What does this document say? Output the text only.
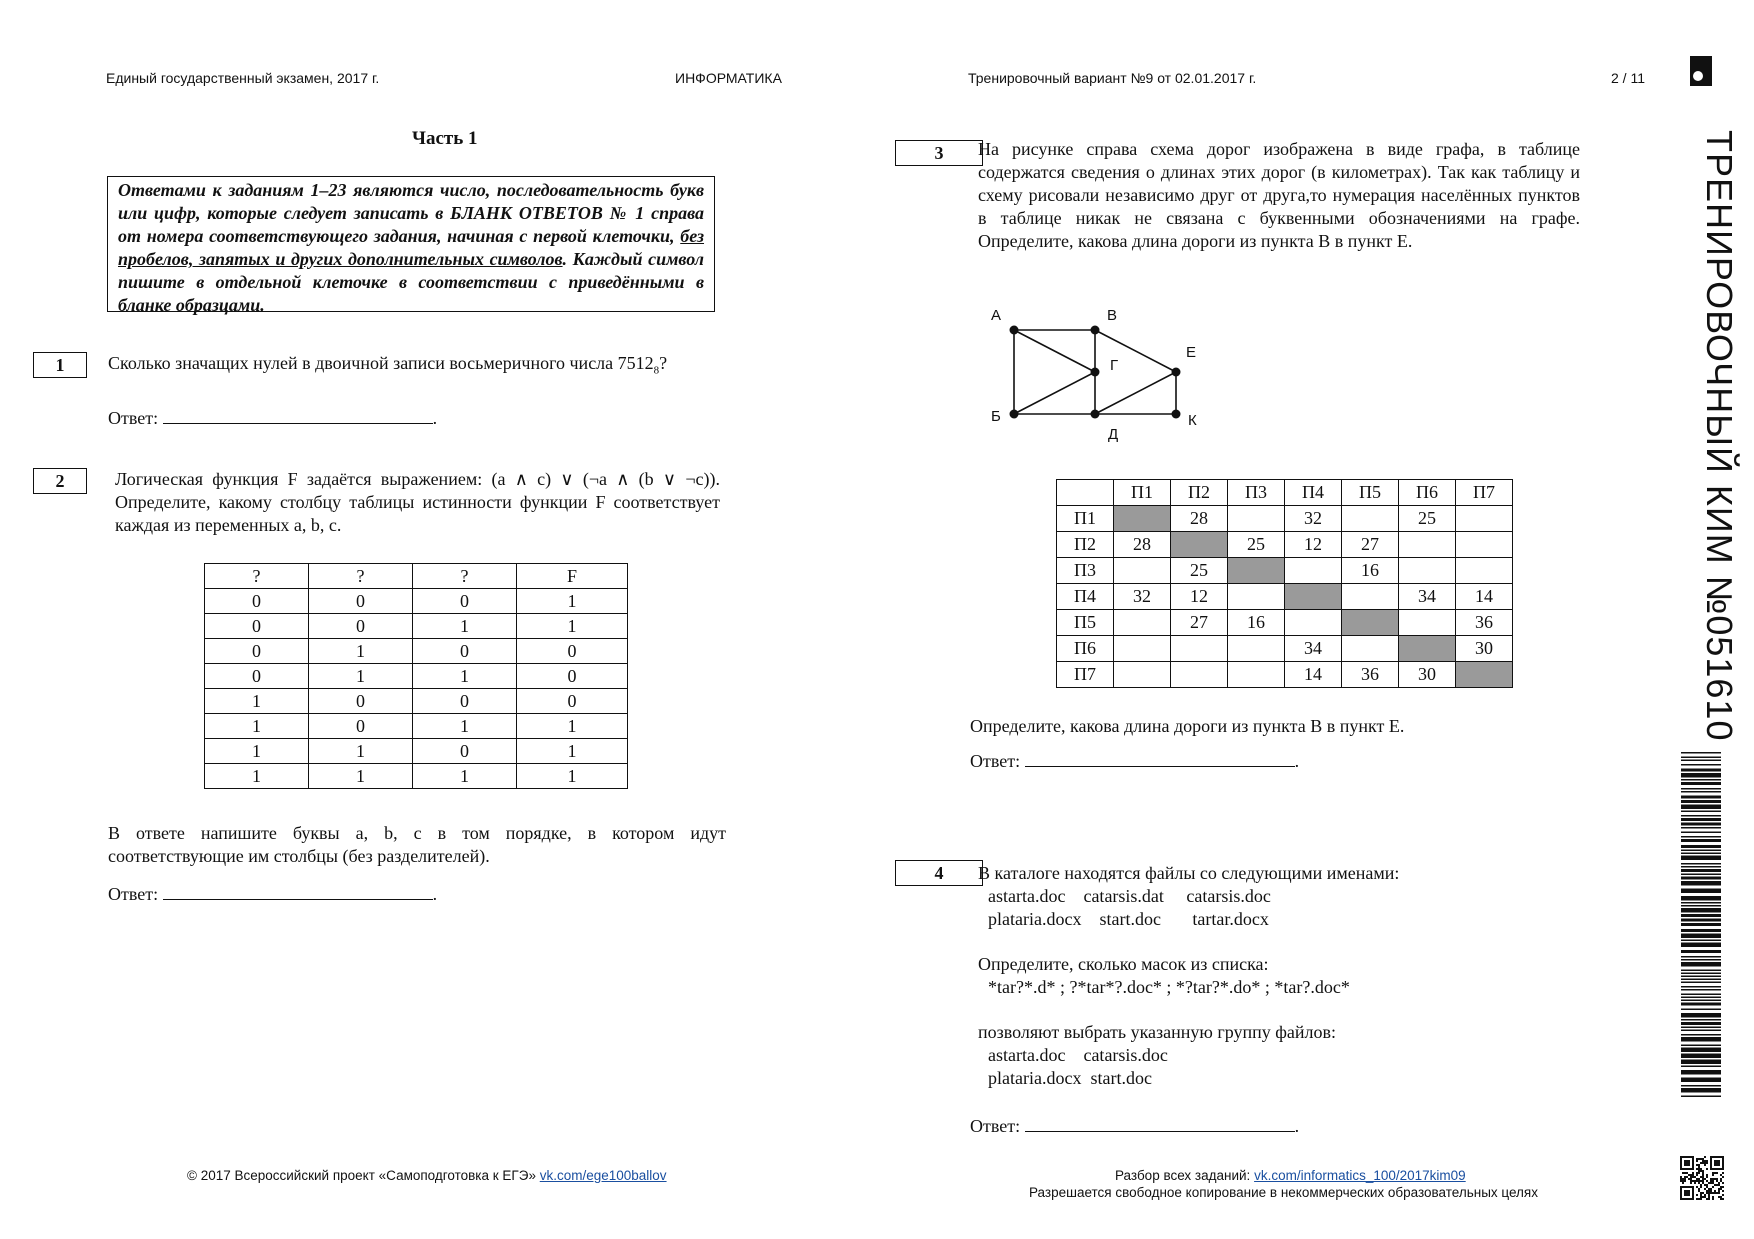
Единый государственный экзамен, 2017 г.	ИНФОРМАТИКА	Тренировочный вариант №9 от 02.01.2017 г.	2 / 11
ТРЕНИРОВОЧНЫЙ КИМ №051610
Часть 1
Ответами к заданиям 1–23 являются число, последовательность букв или цифр, которые следует записать в БЛАНК ОТВЕТОВ № 1 справа от номера соответствующего задания, начиная с первой клеточки, без пробелов, запятых и других дополнительных символов. Каждый символ пишите в отдельной клеточке в соответствии с приведёнными в бланке образцами.
1	Сколько значащих нулей в двоичной записи восьмеричного числа $7512_8$?
Ответ:	.
2	Логическая функция F задаётся выражением: (a ∧ c) ∨ (¬a ∧ (b ∨ ¬c)). Определите, какому столбцу таблицы истинности функции F соответствует каждая из переменных a, b, c.
?	?	?	F
0	0	0	1
0	0	1	1
0	1	0	0
0	1	1	0
1	0	0	0
1	0	1	1
1	1	0	1
1	1	1	1
В ответе напишите буквы a, b, c в том порядке, в котором идут соответствующие им столбцы (без разделителей).
Ответ:	.
© 2017 Всероссийский проект «Самоподготовка к ЕГЭ» vk.com/ege100ballov
3	На рисунке справа схема дорог изображена в виде графа, в таблице содержатся сведения о длинах этих дорог (в километрах). Так как таблицу и схему рисовали независимо друг от друга,то нумерация населённых пунктов в таблице никак не связана с буквенными обозначениями на графе. Определите, какова длина дороги из пункта В в пункт Е.
А	В
Г
Е
Б
Д
К
	П1	П2	П3	П4	П5	П6	П7
П1		28		32		25	
П2	28		25	12	27		
П3		25			16		
П4	32	12				34	14
П5		27	16				36
П6				34			30
П7				14	36	30	
Определите, какова длина дороги из пункта В в пункт Е.
Ответ:	.
4	В каталоге находятся файлы со следующими именами:
astarta.doc    catarsis.dat     catarsis.doc
plataria.docx    start.doc       tartar.docx
Определите, сколько масок из списка:
*tar?*.d* ; ?*tar*?.doc* ; *?tar?*.do* ; *tar?.doc*
позволяют выбрать указанную группу файлов:
astarta.doc    catarsis.doc
plataria.docx  start.doc
Ответ:	.
Разбор всех заданий: vk.com/informatics_100/2017kim09
Разрешается свободное копирование в некоммерческих образовательных целях
